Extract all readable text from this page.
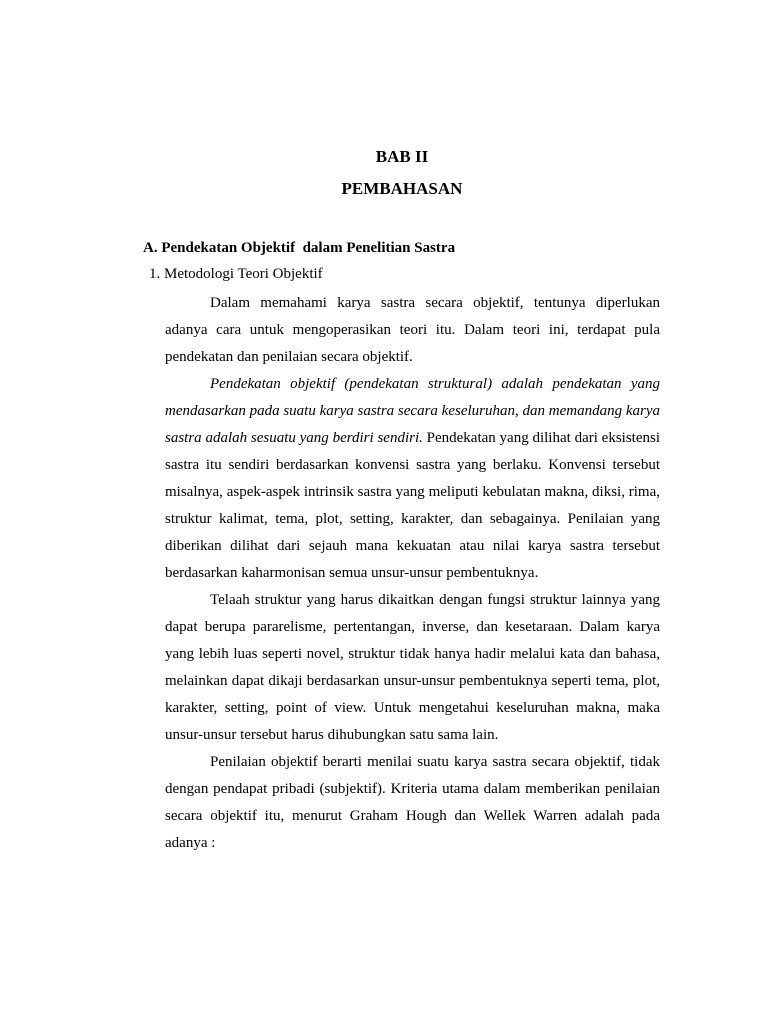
BAB II
PEMBAHASAN
A. Pendekatan Objektif  dalam Penelitian Sastra
1. Metodologi Teori Objektif

Dalam memahami karya sastra secara objektif, tentunya diperlukan adanya cara untuk mengoperasikan teori itu. Dalam teori ini, terdapat pula pendekatan dan penilaian secara objektif.

Pendekatan objektif (pendekatan struktural) adalah pendekatan yang mendasarkan pada suatu karya sastra secara keseluruhan, dan memandang karya sastra adalah sesuatu yang berdiri sendiri. Pendekatan yang dilihat dari eksistensi sastra itu sendiri berdasarkan konvensi sastra yang berlaku. Konvensi tersebut misalnya, aspek-aspek intrinsik sastra yang meliputi kebulatan makna, diksi, rima, struktur kalimat, tema, plot, setting, karakter, dan sebagainya. Penilaian yang diberikan dilihat dari sejauh mana kekuatan atau nilai karya sastra tersebut berdasarkan kaharmonisan semua unsur-unsur pembentuknya.

Telaah struktur yang harus dikaitkan dengan fungsi struktur lainnya yang dapat berupa pararelisme, pertentangan, inverse, dan kesetaraan. Dalam karya yang lebih luas seperti novel, struktur tidak hanya hadir melalui kata dan bahasa, melainkan dapat dikaji berdasarkan unsur-unsur pembentuknya seperti tema, plot, karakter, setting, point of view. Untuk mengetahui keseluruhan makna, maka unsur-unsur tersebut harus dihubungkan satu sama lain.

Penilaian objektif berarti menilai suatu karya sastra secara objektif, tidak dengan pendapat pribadi (subjektif). Kriteria utama dalam memberikan penilaian secara objektif itu, menurut Graham Hough dan Wellek Warren adalah pada adanya :
